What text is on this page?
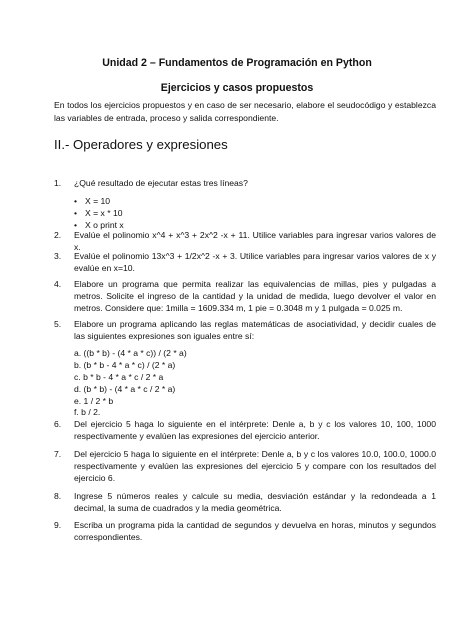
Unidad 2 – Fundamentos de Programación en Python
Ejercicios y casos propuestos
En todos los ejercicios propuestos y en caso de ser necesario, elabore el seudocódigo y establezca las variables de entrada, proceso y salida correspondiente.
II.- Operadores y expresiones
1.	¿Qué resultado de ejecutar estas tres líneas?
• X = 10
• X = x * 10
• X o print x
2.	Evalúe el polinomio x^4 + x^3 + 2x^2 -x + 11. Utilice variables para ingresar varios valores de x.
3.	Evalúe el polinomio 13x^3 + 1/2x^2 -x + 3. Utilice variables para ingresar varios valores de x y evalúe en x=10.
4.	Elabore un programa que permita realizar las equivalencias de millas, pies y pulgadas a metros. Solicite el ingreso de la cantidad y la unidad de medida, luego devolver el valor en metros. Considere que: 1milla = 1609.334 m, 1 pie = 0.3048 m y 1 pulgada = 0.025 m.
5.	Elabore un programa aplicando las reglas matemáticas de asociatividad, y decidir cuales de las siguientes expresiones son iguales entre sí:
a. ((b * b) - (4 * a * c)) / (2 * a)
b. (b * b - 4 * a * c) / (2 * a)
c. b * b - 4 * a * c / 2 * a
d. (b * b) - (4 * a * c / 2 * a)
e. 1 / 2 * b
f. b / 2.
6.	Del ejercicio 5 haga lo siguiente en el intérprete: Denle a, b y c los valores 10, 100, 1000 respectivamente y evalúen las expresiones del ejercicio anterior.
7.	Del ejercicio 5 haga lo siguiente en el intérprete: Denle a, b y c los valores 10.0, 100.0, 1000.0 respectivamente y evalúen las expresiones del ejercicio 5 y compare con los resultados del ejercicio 6.
8.	Ingrese 5 números reales y calcule su media, desviación estándar y la redondeada a 1 decimal, la suma de cuadrados y la media geométrica.
9.	Escriba un programa pida la cantidad de segundos y devuelva en horas, minutos y segundos correspondientes.
